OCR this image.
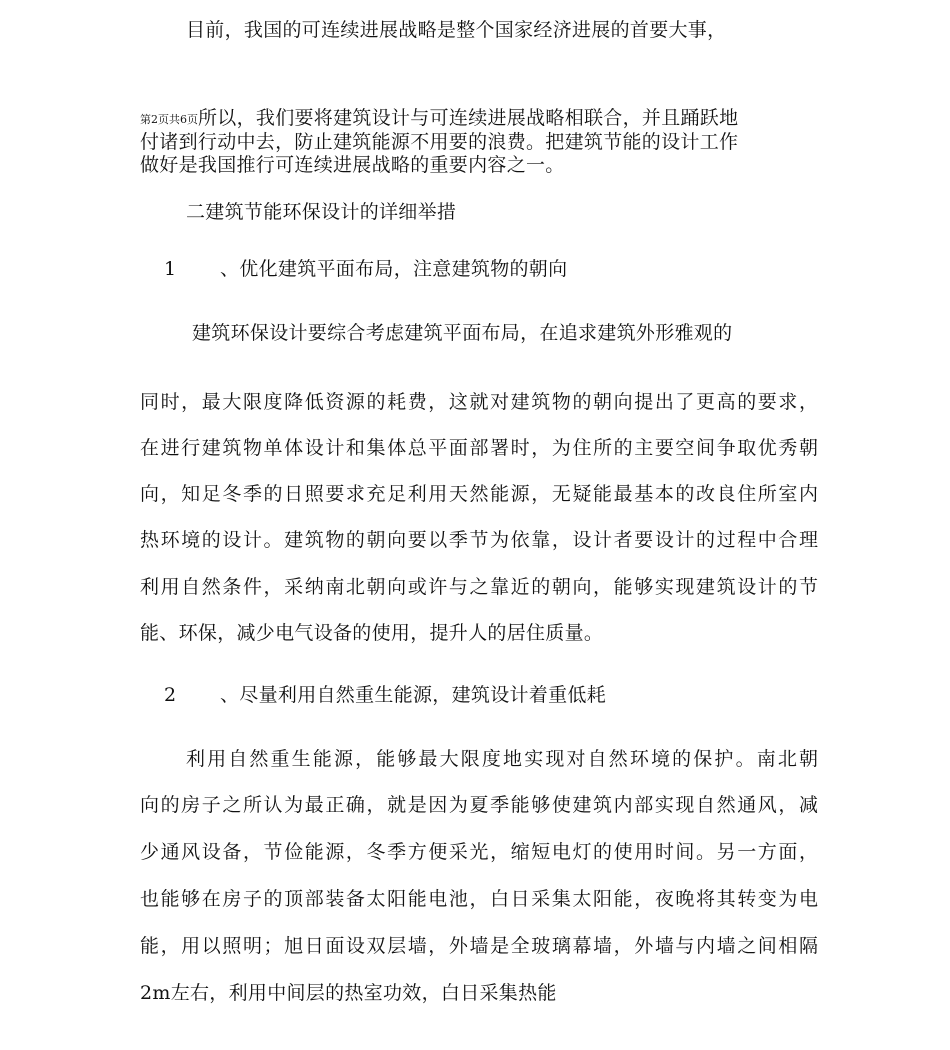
目前，我国的可连续进展战略是整个国家经济进展的首要大事，
第2页共6页所以，我们要将建筑设计与可连续进展战略相联合，并且踊跃地
付诸到行动中去，防止建筑能源不用要的浪费。把建筑节能的设计工作
做好是我国推行可连续进展战略的重要内容之一。
二建筑节能环保设计的详细举措
1 、优化建筑平面布局，注意建筑物的朝向
建筑环保设计要综合考虑建筑平面布局，在追求建筑外形雅观的
同时，最大限度降低资源的耗费，这就对建筑物的朝向提出了更高的要求，
在进行建筑物单体设计和集体总平面部署时，为住所的主要空间争取优秀朝
向，知足冬季的日照要求充足利用天然能源，无疑能最基本的改良住所室内
热环境的设计。建筑物的朝向要以季节为依靠，设计者要设计的过程中合理
利用自然条件，采纳南北朝向或许与之靠近的朝向，能够实现建筑设计的节
能、环保，减少电气设备的使用，提升人的居住质量。
2 、尽量利用自然重生能源，建筑设计着重低耗
利用自然重生能源，能够最大限度地实现对自然环境的保护。南北朝
向的房子之所认为最正确，就是因为夏季能够使建筑内部实现自然通风，减
少通风设备，节俭能源，冬季方便采光，缩短电灯的使用时间。另一方面，
也能够在房子的顶部装备太阳能电池，白日采集太阳能，夜晚将其转变为电
能，用以照明；旭日面设双层墙，外墙是全玻璃幕墙，外墙与内墙之间相隔
2m左右，利用中间层的热室功效，白日采集热能
